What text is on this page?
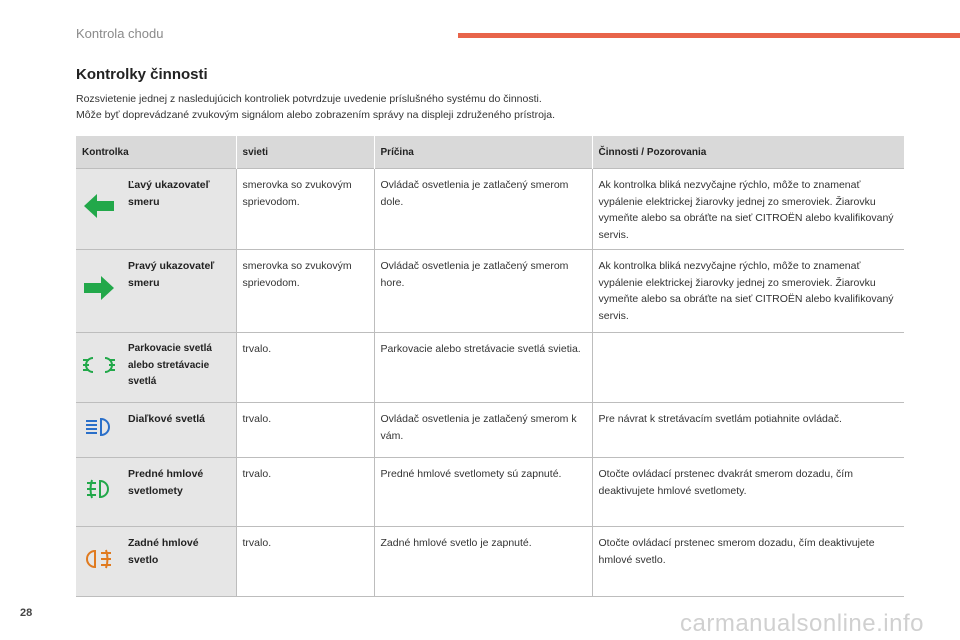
Kontrola chodu
Kontrolky činnosti
Rozsvietenie jednej z nasledujúcich kontroliek potvrdzuje uvedenie príslušného systému do činnosti.
Môže byť doprevádzané zvukovým signálom alebo zobrazením správy na displeji združeného prístroja.
Kontrolka		svieti	Príčina	Činnosti / Pozorovania
	Ľavý ukazovateľ smeru	smerovka so zvukovým sprievodom.	Ovládač osvetlenia je zatlačený smerom dole.	Ak kontrolka bliká nezvyčajne rýchlo, môže to znamenať vypálenie elektrickej žiarovky jednej zo smeroviek. Žiarovku vymeňte alebo sa obráťte na sieť CITROËN alebo kvalifikovaný servis.
	Pravý ukazovateľ smeru	smerovka so zvukovým sprievodom.	Ovládač osvetlenia je zatlačený smerom hore.	Ak kontrolka bliká nezvyčajne rýchlo, môže to znamenať vypálenie elektrickej žiarovky jednej zo smeroviek. Žiarovku vymeňte alebo sa obráťte na sieť CITROËN alebo kvalifikovaný servis.
	Parkovacie svetlá alebo stretávacie svetlá	trvalo.	Parkovacie alebo stretávacie svetlá svietia.	
	Diaľkové svetlá	trvalo.	Ovládač osvetlenia je zatlačený smerom k vám.	Pre návrat k stretávacím svetlám potiahnite ovládač.
	Predné hmlové svetlomety	trvalo.	Predné hmlové svetlomety sú zapnuté.	Otočte ovládací prstenec dvakrát smerom dozadu, čím deaktivujete hmlové svetlomety.
	Zadné hmlové svetlo	trvalo.	Zadné hmlové svetlo je zapnuté.	Otočte ovládací prstenec smerom dozadu, čím deaktivujete hmlové svetlo.
28	carmanualsonline.info
